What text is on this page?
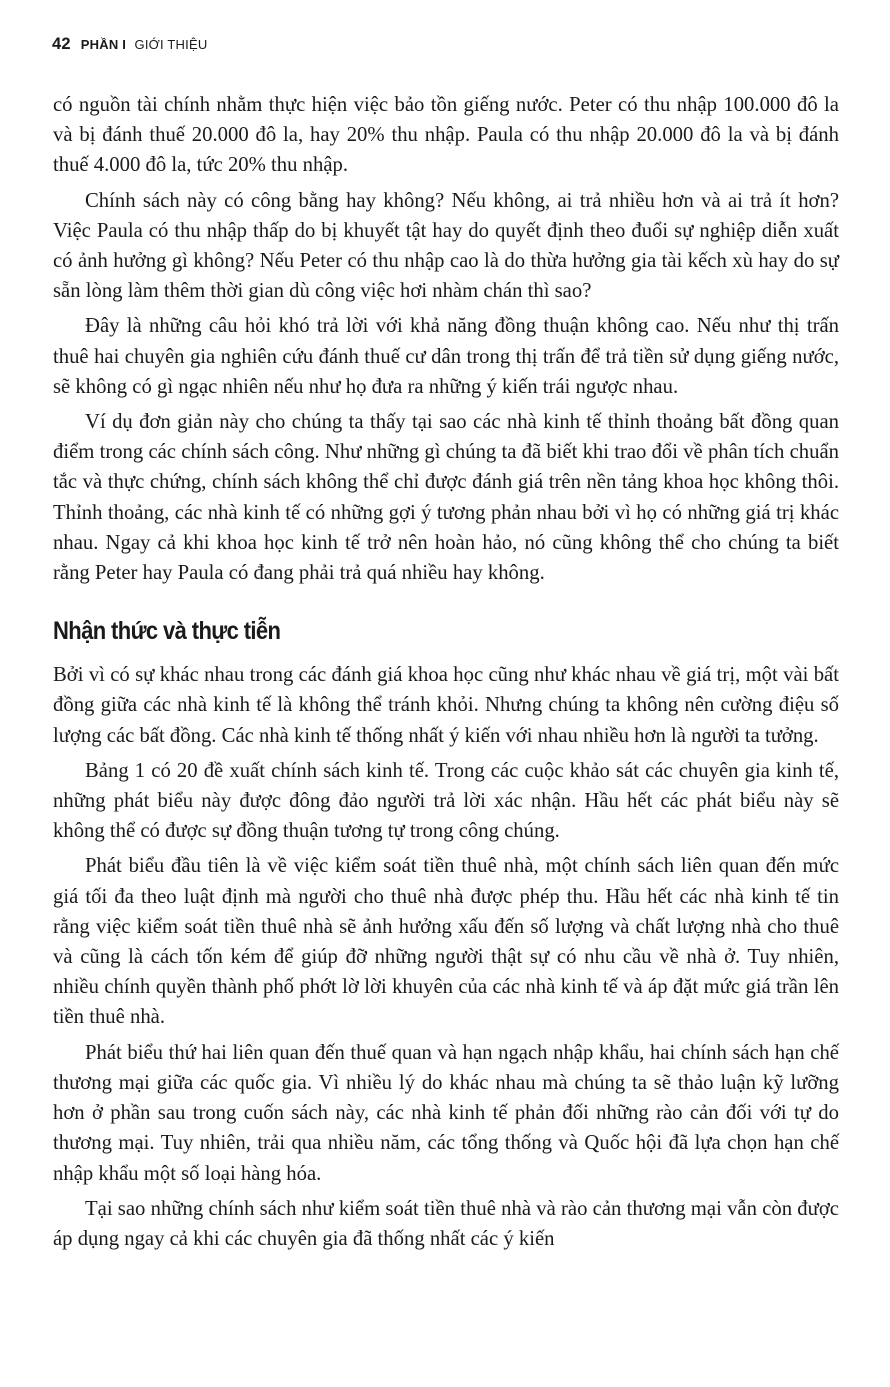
42 PHẦN I GIỚI THIỆU

có nguồn tài chính nhằm thực hiện việc bảo tồn giếng nước. Peter có thu nhập 100.000 đô la và bị đánh thuế 20.000 đô la, hay 20% thu nhập. Paula có thu nhập 20.000 đô la và bị đánh thuế 4.000 đô la, tức 20% thu nhập.

Chính sách này có công bằng hay không? Nếu không, ai trả nhiều hơn và ai trả ít hơn? Việc Paula có thu nhập thấp do bị khuyết tật hay do quyết định theo đuổi sự nghiệp diễn xuất có ảnh hưởng gì không? Nếu Peter có thu nhập cao là do thừa hưởng gia tài kếch xù hay do sự sẵn lòng làm thêm thời gian dù công việc hơi nhàm chán thì sao?

Đây là những câu hỏi khó trả lời với khả năng đồng thuận không cao. Nếu như thị trấn thuê hai chuyên gia nghiên cứu đánh thuế cư dân trong thị trấn để trả tiền sử dụng giếng nước, sẽ không có gì ngạc nhiên nếu như họ đưa ra những ý kiến trái ngược nhau.

Ví dụ đơn giản này cho chúng ta thấy tại sao các nhà kinh tế thỉnh thoảng bất đồng quan điểm trong các chính sách công. Như những gì chúng ta đã biết khi trao đổi về phân tích chuẩn tắc và thực chứng, chính sách không thể chỉ được đánh giá trên nền tảng khoa học không thôi. Thỉnh thoảng, các nhà kinh tế có những gợi ý tương phản nhau bởi vì họ có những giá trị khác nhau. Ngay cả khi khoa học kinh tế trở nên hoàn hảo, nó cũng không thể cho chúng ta biết rằng Peter hay Paula có đang phải trả quá nhiều hay không.

Nhận thức và thực tiễn

Bởi vì có sự khác nhau trong các đánh giá khoa học cũng như khác nhau về giá trị, một vài bất đồng giữa các nhà kinh tế là không thể tránh khỏi. Nhưng chúng ta không nên cường điệu số lượng các bất đồng. Các nhà kinh tế thống nhất ý kiến với nhau nhiều hơn là người ta tưởng.

Bảng 1 có 20 đề xuất chính sách kinh tế. Trong các cuộc khảo sát các chuyên gia kinh tế, những phát biểu này được đông đảo người trả lời xác nhận. Hầu hết các phát biểu này sẽ không thể có được sự đồng thuận tương tự trong công chúng.

Phát biểu đầu tiên là về việc kiểm soát tiền thuê nhà, một chính sách liên quan đến mức giá tối đa theo luật định mà người cho thuê nhà được phép thu. Hầu hết các nhà kinh tế tin rằng việc kiểm soát tiền thuê nhà sẽ ảnh hưởng xấu đến số lượng và chất lượng nhà cho thuê và cũng là cách tốn kém để giúp đỡ những người thật sự có nhu cầu về nhà ở. Tuy nhiên, nhiều chính quyền thành phố phớt lờ lời khuyên của các nhà kinh tế và áp đặt mức giá trần lên tiền thuê nhà.

Phát biểu thứ hai liên quan đến thuế quan và hạn ngạch nhập khẩu, hai chính sách hạn chế thương mại giữa các quốc gia. Vì nhiều lý do khác nhau mà chúng ta sẽ thảo luận kỹ lưỡng hơn ở phần sau trong cuốn sách này, các nhà kinh tế phản đối những rào cản đối với tự do thương mại. Tuy nhiên, trải qua nhiều năm, các tổng thống và Quốc hội đã lựa chọn hạn chế nhập khẩu một số loại hàng hóa.

Tại sao những chính sách như kiểm soát tiền thuê nhà và rào cản thương mại vẫn còn được áp dụng ngay cả khi các chuyên gia đã thống nhất các ý kiến
